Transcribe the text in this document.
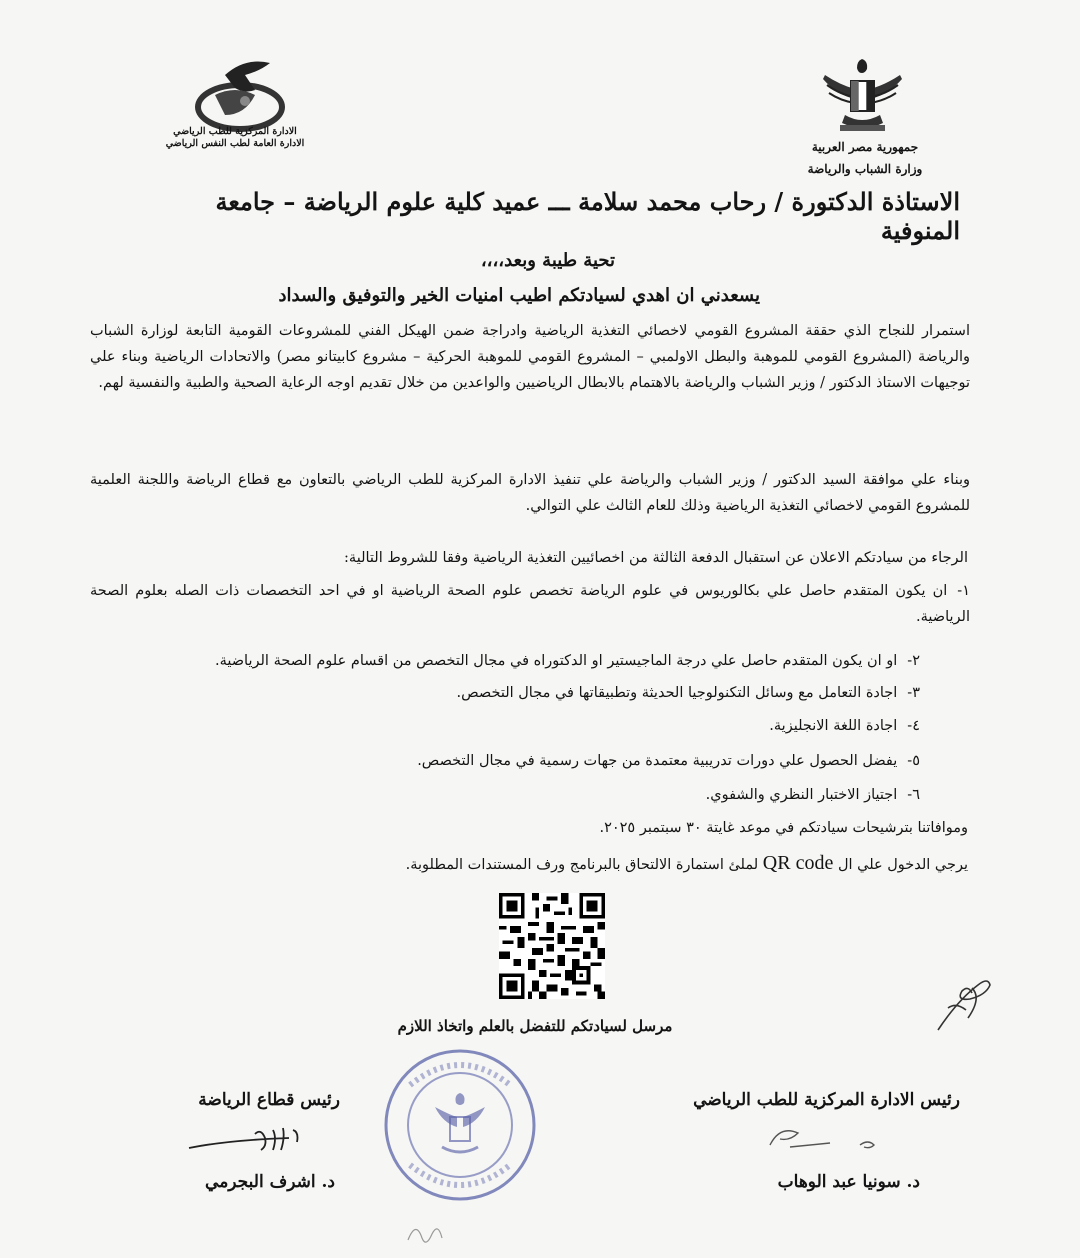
جمهورية مصر العربية
وزارة الشباب والرياضة
الادارة المركزية للطب الرياضي
الادارة العامة لطب النفس الرياضي
الاستاذة الدكتورة / رحاب محمد سلامة ـــ عميد كلية علوم الرياضة – جامعة المنوفية
تحية طيبة وبعد،،،،
يسعدني ان اهدي لسيادتكم اطيب امنيات الخير والتوفيق والسداد
استمرار للنجاح الذي حققة المشروع القومي لاخصائي التغذية الرياضية وادراجة ضمن الهيكل الفني للمشروعات القومية التابعة لوزارة الشباب والرياضة (المشروع القومي للموهبة والبطل الاولمبي – المشروع القومي للموهبة الحركية – مشروع كابيتانو مصر) والاتحادات الرياضية وبناء علي توجيهات الاستاذ الدكتور / وزير الشباب والرياضة بالاهتمام بالابطال الرياضيين والواعدين من خلال تقديم اوجه الرعاية الصحية والطبية والنفسية لهم.
وبناء علي موافقة السيد الدكتور / وزير الشباب والرياضة علي تنفيذ الادارة المركزية للطب الرياضي بالتعاون مع قطاع الرياضة واللجنة العلمية للمشروع القومي لاخصائي التغذية الرياضية وذلك للعام الثالث علي التوالي.
الرجاء من سيادتكم الاعلان عن استقبال الدفعة الثالثة من اخصائيين التغذية الرياضية وفقا للشروط التالية:
١-ان يكون المتقدم حاصل علي بكالوريوس في علوم الرياضة تخصص علوم الصحة الرياضية او في احد التخصصات ذات الصله بعلوم الصحة الرياضية.
٢-او ان يكون المتقدم حاصل علي درجة الماجيستير او الدكتوراه في مجال التخصص من اقسام علوم الصحة الرياضية.
٣-اجادة التعامل مع وسائل التكنولوجيا الحديثة وتطبيقاتها في مجال التخصص.
٤-اجادة اللغة الانجليزية.
٥-يفضل الحصول علي دورات تدريبية معتمدة من جهات رسمية في مجال التخصص.
٦-اجتياز الاختبار النظري والشفوي.
وموافاتنا بترشيحات سيادتكم في موعد غايتة ٣٠ سبتمبر ٢٠٢٥.
يرجي الدخول علي ال QR code لملئ استمارة الالتحاق بالبرنامج ورف المستندات المطلوبة.
مرسل لسيادتكم للتفضل بالعلم واتخاذ اللازم
رئيس الادارة المركزية للطب الرياضي
رئيس قطاع الرياضة
د. سونيا عبد الوهاب
د. اشرف البجرمي
